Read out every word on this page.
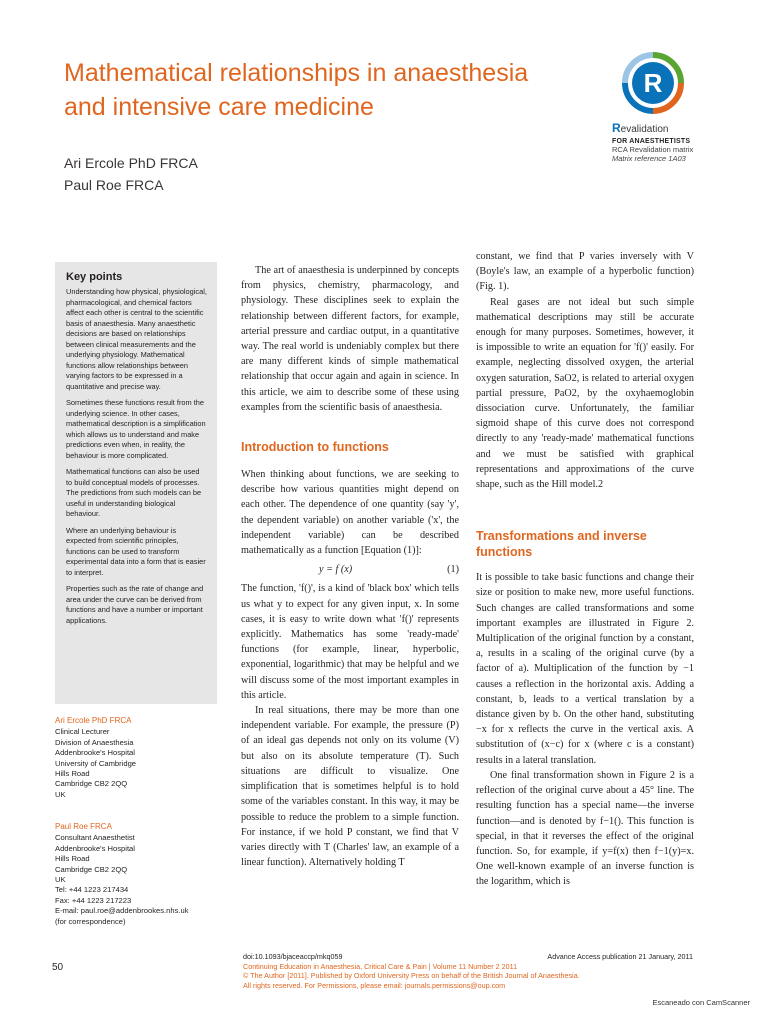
Mathematical relationships in anaesthesia
and intensive care medicine
Ari Ercole PhD FRCA
Paul Roe FRCA
R
Revalidation
FOR ANAESTHETISTS
RCA Revalidation matrix
Matrix reference 1A03
Key points

Understanding how physical, physiological, pharmacological, and chemical factors affect each other is central to the scientific basis of anaesthesia. Many anaesthetic decisions are based on relationships between clinical measurements and the underlying physiology. Mathematical functions allow relationships between varying factors to be expressed in a quantitative and precise way.

Sometimes these functions result from the underlying science. In other cases, mathematical description is a simplification which allows us to understand and make predictions even when, in reality, the behaviour is more complicated.

Mathematical functions can also be used to build conceptual models of processes. The predictions from such models can be useful in understanding biological behaviour.

Where an underlying behaviour is expected from scientific principles, functions can be used to transform experimental data into a form that is easier to interpret.

Properties such as the rate of change and area under the curve can be derived from functions and have a number or important applications.

Ari Ercole PhD FRCA
Clinical Lecturer
Division of Anaesthesia
Addenbrooke's Hospital
University of Cambridge
Hills Road
Cambridge CB2 2QQ
UK
Paul Roe FRCA
Consultant Anaesthetist
Addenbrooke's Hospital
Hills Road
Cambridge CB2 2QQ
UK
Tel: +44 1223 217434
Fax: +44 1223 217223
E-mail: paul.roe@addenbrookes.nhs.uk
(for correspondence)

The art of anaesthesia is underpinned by concepts from physics, chemistry, pharmacology, and physiology. These disciplines seek to explain the relationship between different factors, for example, arterial pressure and cardiac output, in a quantitative way. The real world is undeniably complex but there are many different kinds of simple mathematical relationship that occur again and again in science. In this article, we aim to describe some of these using examples from the scientific basis of anaesthesia.

Introduction to functions

When thinking about functions, we are seeking to describe how various quantities might depend on each other. The dependence of one quantity (say 'y', the dependent variable) on another variable ('x', the independent variable) can be described mathematically as a function [Equation (1)]:

y = f (x)	(1)

The function, 'f()', is a kind of 'black box' which tells us what y to expect for any given input, x. In some cases, it is easy to write down what 'f()' represents explicitly. Mathematics has some 'ready-made' functions (for example, linear, hyperbolic, exponential, logarithmic) that may be helpful and we will discuss some of the most important examples in this article.

In real situations, there may be more than one independent variable. For example, the pressure (P) of an ideal gas depends not only on its volume (V) but also on its absolute temperature (T). Such situations are difficult to visualize. One simplification that is sometimes helpful is to hold some of the variables constant. In this way, it may be possible to reduce the problem to a simple function. For instance, if we hold P constant, we find that V varies directly with T (Charles' law, an example of a linear function). Alternatively holding T

constant, we find that P varies inversely with V (Boyle's law, an example of a hyperbolic function) (Fig. 1).

Real gases are not ideal but such simple mathematical descriptions may still be accurate enough for many purposes. Sometimes, however, it is impossible to write an equation for 'f()' easily. For example, neglecting dissolved oxygen, the arterial oxygen saturation, SaO2, is related to arterial oxygen partial pressure, PaO2, by the oxyhaemoglobin dissociation curve. Unfortunately, the familiar sigmoid shape of this curve does not correspond directly to any 'ready-made' mathematical functions and we must be satisfied with graphical representations and approximations of the curve shape, such as the Hill model.2

Transformations and inverse
functions

It is possible to take basic functions and change their size or position to make new, more useful functions. Such changes are called transformations and some important examples are illustrated in Figure 2. Multiplication of the original function by a constant, a, results in a scaling of the original curve (by a factor of a). Multiplication of the function by −1 causes a reflection in the horizontal axis. Adding a constant, b, leads to a vertical translation by a distance given by b. On the other hand, substituting −x for x reflects the curve in the vertical axis. A substitution of (x−c) for x (where c is a constant) results in a lateral translation.

One final transformation shown in Figure 2 is a reflection of the original curve about a 45° line. The resulting function has a special name—the inverse function—and is denoted by f−1(). This function is special, in that it reverses the effect of the original function. So, for example, if y=f(x) then f−1(y)=x. One well-known example of an inverse function is the logarithm, which is

50
doi:10.1093/bjaceaccp/mkq059	Advance Access publication 21 January, 2011
Continuing Education in Anaesthesia, Critical Care & Pain | Volume 11 Number 2 2011
© The Author [2011]. Published by Oxford University Press on behalf of the British Journal of Anaesthesia.
All rights reserved. For Permissions, please email: journals.permissions@oup.com
Escaneado con CamScanner
